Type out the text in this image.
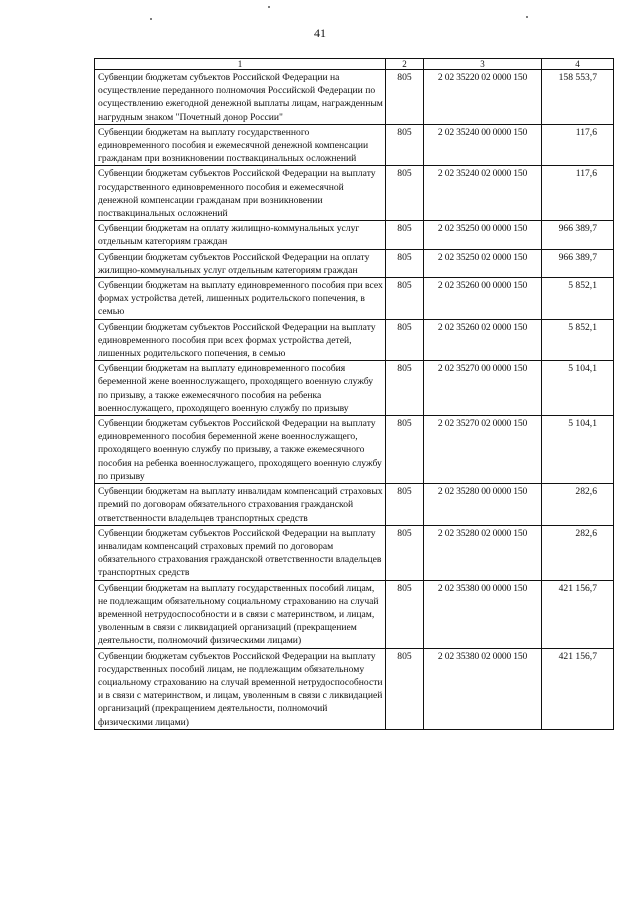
41
1	2	3	4
Субвенции бюджетам субъектов Российской Федерации на осуществление переданного полномочия Российской Федерации по осуществлению ежегодной денежной выплаты лицам, награжденным нагрудным знаком "Почетный донор России"	805	2 02 35220 02 0000 150	158 553,7
Субвенции бюджетам на выплату государственного единовременного пособия и ежемесячной денежной компенсации гражданам при возникновении поствакцинальных осложнений	805	2 02 35240 00 0000 150	117,6
Субвенции бюджетам субъектов Российской Федерации на выплату государственного единовременного пособия и ежемесячной денежной компенсации гражданам при возникновении поствакцинальных осложнений	805	2 02 35240 02 0000 150	117,6
Субвенции бюджетам на оплату жилищно-коммунальных услуг отдельным категориям граждан	805	2 02 35250 00 0000 150	966 389,7
Субвенции бюджетам субъектов Российской Федерации на оплату жилищно-коммунальных услуг отдельным категориям граждан	805	2 02 35250 02 0000 150	966 389,7
Субвенции бюджетам на выплату единовременного пособия при всех формах устройства детей, лишенных родительского попечения, в семью	805	2 02 35260 00 0000 150	5 852,1
Субвенции бюджетам субъектов Российской Федерации на выплату единовременного пособия при всех формах устройства детей, лишенных родительского попечения, в семью	805	2 02 35260 02 0000 150	5 852,1
Субвенции бюджетам на выплату единовременного пособия беременной жене военнослужащего, проходящего военную службу по призыву, а также ежемесячного пособия на ребенка военнослужащего, проходящего военную службу по призыву	805	2 02 35270 00 0000 150	5 104,1
Субвенции бюджетам субъектов Российской Федерации на выплату единовременного пособия беременной жене военнослужащего, проходящего военную службу по призыву, а также ежемесячного пособия на ребенка военнослужащего, проходящего военную службу по призыву	805	2 02 35270 02 0000 150	5 104,1
Субвенции бюджетам на выплату инвалидам компенсаций страховых премий по договорам обязательного страхования гражданской ответственности владельцев транспортных средств	805	2 02 35280 00 0000 150	282,6
Субвенции бюджетам субъектов Российской Федерации на выплату инвалидам компенсаций страховых премий по договорам обязательного страхования гражданской ответственности владельцев транспортных средств	805	2 02 35280 02 0000 150	282,6
Субвенции бюджетам на выплату государственных пособий лицам, не подлежащим обязательному социальному страхованию на случай временной нетрудоспособности и в связи с материнством, и лицам, уволенным в связи с ликвидацией организаций (прекращением деятельности, полномочий физическими лицами)	805	2 02 35380 00 0000 150	421 156,7
Субвенции бюджетам субъектов Российской Федерации на выплату государственных пособий лицам, не подлежащим обязательному социальному страхованию на случай временной нетрудоспособности и в связи с материнством, и лицам, уволенным в связи с ликвидацией организаций (прекращением деятельности, полномочий физическими лицами)	805	2 02 35380 02 0000 150	421 156,7
